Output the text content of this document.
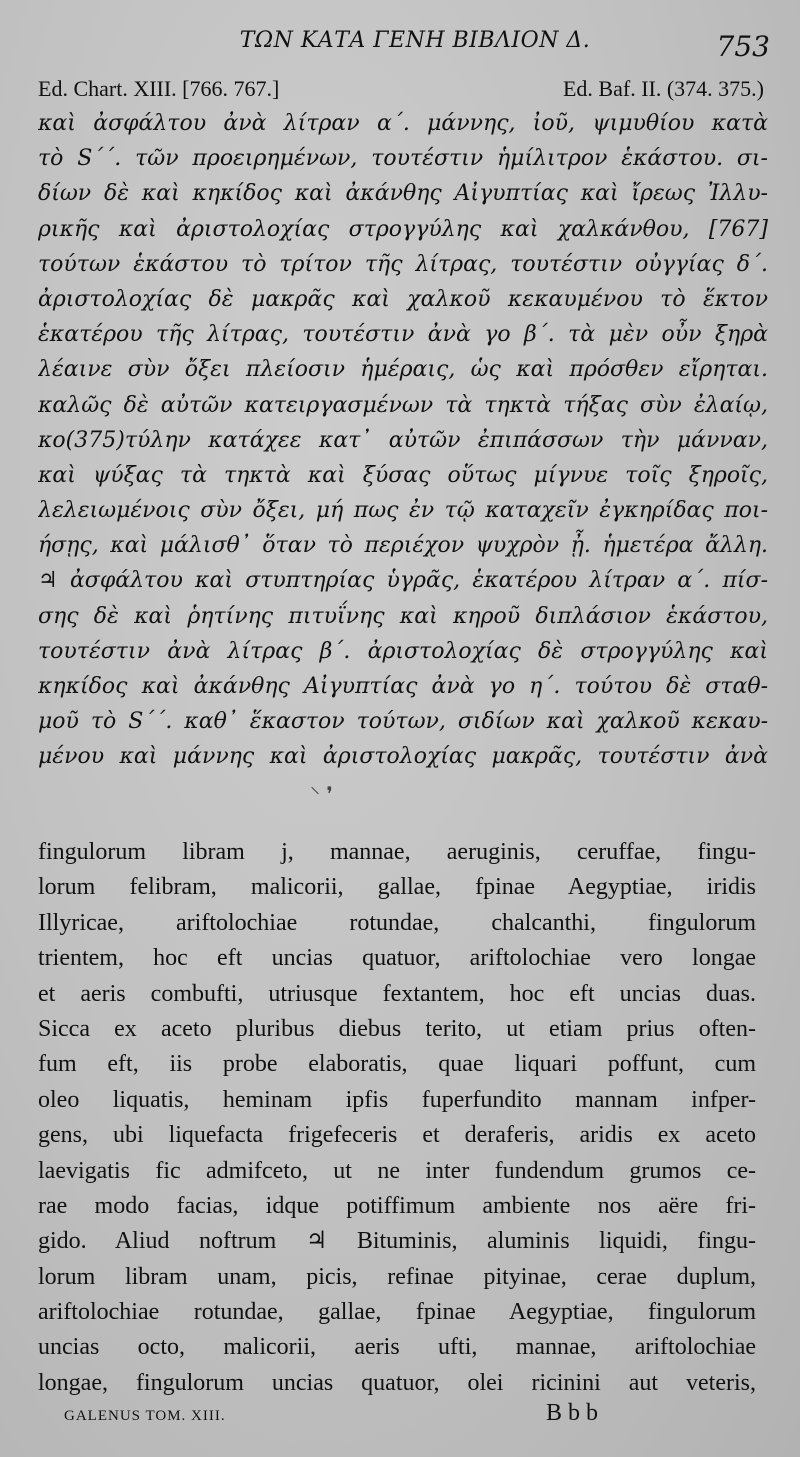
ΤΩΝ ΚΑΤΑ ΓΕΝΗ ΒΙΒΛΙΟΝ Δ.	753
Ed. Chart. XIII. [766. 767.]	Ed. Baf. II. (374. 375.)
καὶ ἀσφάλτου ἀνὰ λίτραν α΄. μάννης, ἰοῦ, ψιμυθίου κατὰ
τὸ S΄΄. τῶν προειρημένων, τουτέστιν ἡμίλιτρον ἑκάστου. σι-
δίων δὲ καὶ κηκίδος καὶ ἀκάνθης Αἰγυπτίας καὶ ἴρεως Ἰλλυ-
ρικῆς καὶ ἀριστολοχίας στρογγύλης καὶ χαλκάνθου, [767]
τούτων ἑκάστου τὸ τρίτον τῆς λίτρας, τουτέστιν οὐγγίας δ΄.
ἀριστολοχίας δὲ μακρᾶς καὶ χαλκοῦ κεκαυμένου τὸ ἕκτον
ἑκατέρου τῆς λίτρας, τουτέστιν ἀνὰ γο β΄. τὰ μὲν οὖν ξηρὰ
λέαινε σὺν ὄξει πλείοσιν ἡμέραις, ὡς καὶ πρόσθεν εἴρηται.
καλῶς δὲ αὐτῶν κατειργασμένων τὰ τηκτὰ τήξας σὺν ἐλαίῳ,
κο(375)τύλην κατάχεε κατ᾿ αὐτῶν ἐπιπάσσων τὴν μάνναν,
καὶ ψύξας τὰ τηκτὰ καὶ ξύσας οὕτως μίγνυε τοῖς ξηροῖς,
λελειωμένοις σὺν ὄξει, μή πως ἐν τῷ καταχεῖν ἐγκηρίδας ποι-
ήσῃς, καὶ μάλισθ᾿ ὅταν τὸ περιέχον ψυχρὸν ᾖ. ἡμετέρα ἄλλη.
♃ ἀσφάλτου καὶ στυπτηρίας ὑγρᾶς, ἑκατέρου λίτραν α΄. πίσ-
σης δὲ καὶ ῥητίνης πιτυΐνης καὶ κηροῦ διπλάσιον ἑκάστου,
τουτέστιν ἀνὰ λίτρας β΄. ἀριστολοχίας δὲ στρογγύλης καὶ
κηκίδος καὶ ἀκάνθης Αἰγυπτίας ἀνὰ γο η΄. τούτου δὲ σταθ-
μοῦ τὸ S΄΄. καθ᾿ ἕκαστον τούτων, σιδίων καὶ χαλκοῦ κεκαυ-
μένου καὶ μάννης καὶ ἀριστολοχίας μακρᾶς, τουτέστιν ἀνὰ
⸌ ❜
fingulorum libram j, mannae, aeruginis, ceruffae, fingu-
lorum felibram, malicorii, gallae, fpinae Aegyptiae, iridis
Illyricae, ariftolochiae rotundae, chalcanthi, fingulorum
trientem, hoc eft uncias quatuor, ariftolochiae vero longae
et aeris combufti, utriusque fextantem, hoc eft uncias duas.
Sicca ex aceto pluribus diebus terito, ut etiam prius often-
fum eft, iis probe elaboratis, quae liquari poffunt, cum
oleo liquatis, heminam ipfis fuperfundito mannam infper-
gens, ubi liquefacta frigefeceris et deraferis, aridis ex aceto
laevigatis fic admifceto, ut ne inter fundendum grumos ce-
rae modo facias, idque potiffimum ambiente nos aëre fri-
gido. Aliud noftrum ♃ Bituminis, aluminis liquidi, fingu-
lorum libram unam, picis, refinae pityinae, cerae duplum,
ariftolochiae rotundae, gallae, fpinae Aegyptiae, fingulorum
uncias octo, malicorii, aeris ufti, mannae, ariftolochiae
longae, fingulorum uncias quatuor, olei ricinini aut veteris,
GALENUS TOM. XIII.	Bbb
